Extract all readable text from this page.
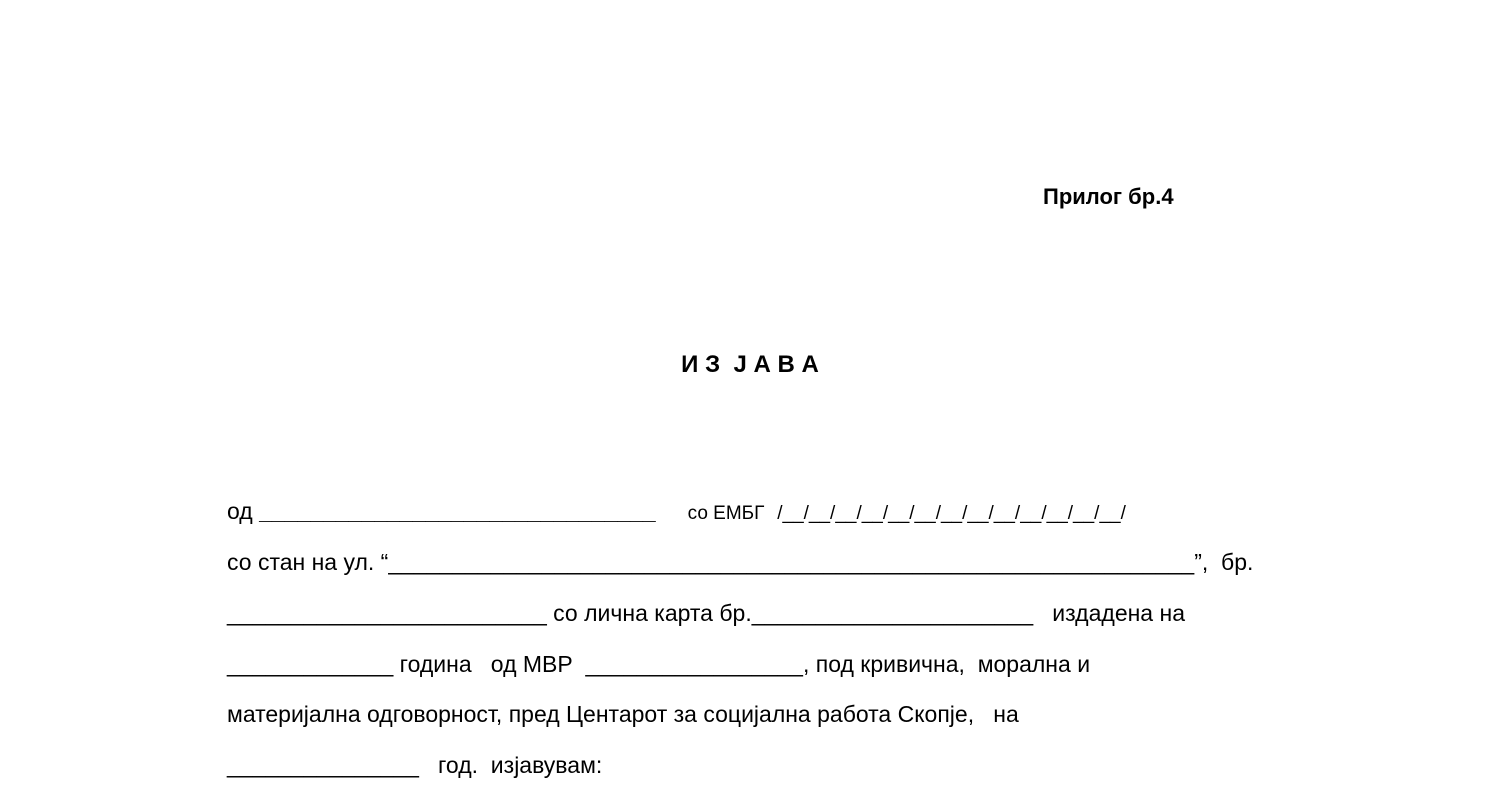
Прилог бр.4
И З  Ј А В А
од _______________________________ со ЕМБГ /__/__/__/__/__/__/__/__/__/__/__/__/__/
со стан на ул. “_______________________________________________________________”,  бр.
_________________________ со лична карта бр.______________________   издадена на
_____________ година   од МВР  _________________, под кривична,  морална и
материјална одговорност, пред Центарот за социјална работа Скопје,   на
_______________   год.  изјавувам:
